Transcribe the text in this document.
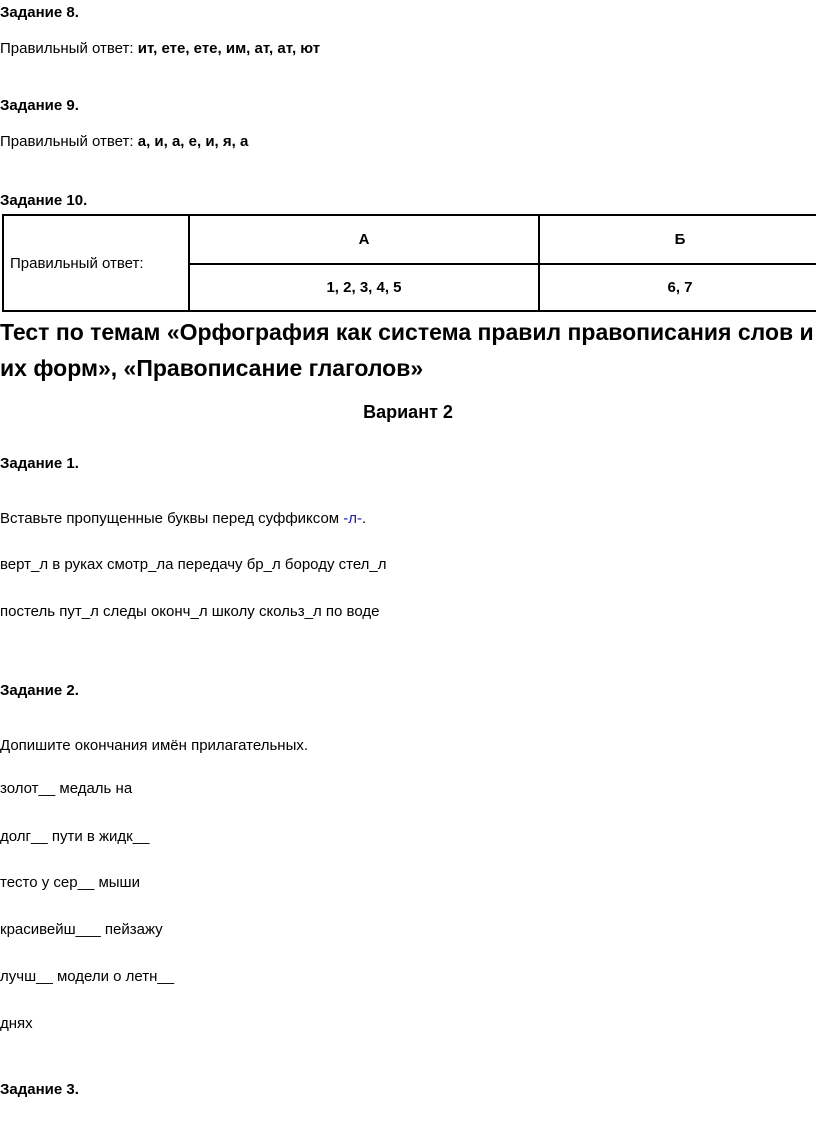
Задание 8.
Правильный ответ: ит, ете, ете, им, ат, ат, ют
Задание 9.
Правильный ответ: а, и, а, е, и, я, а
Задание 10.
Правильный ответ:	А	Б
	1, 2, 3, 4, 5	6, 7
Тест по темам «Орфография как система правил правописания слов и
их форм», «Правописание глаголов»
Вариант 2
Задание 1.
Вставьте пропущенные буквы перед суффиксом -л-.
верт_л в руках смотр_ла передачу бр_л бороду стел_л
постель пут_л следы оконч_л школу скольз_л по воде
Задание 2.
Допишите окончания имён прилагательных.
золот__ медаль на
долг__ пути в жидк__
тесто у сер__ мыши
красивейш___ пейзажу
лучш__ модели о летн__
днях
Задание 3.
